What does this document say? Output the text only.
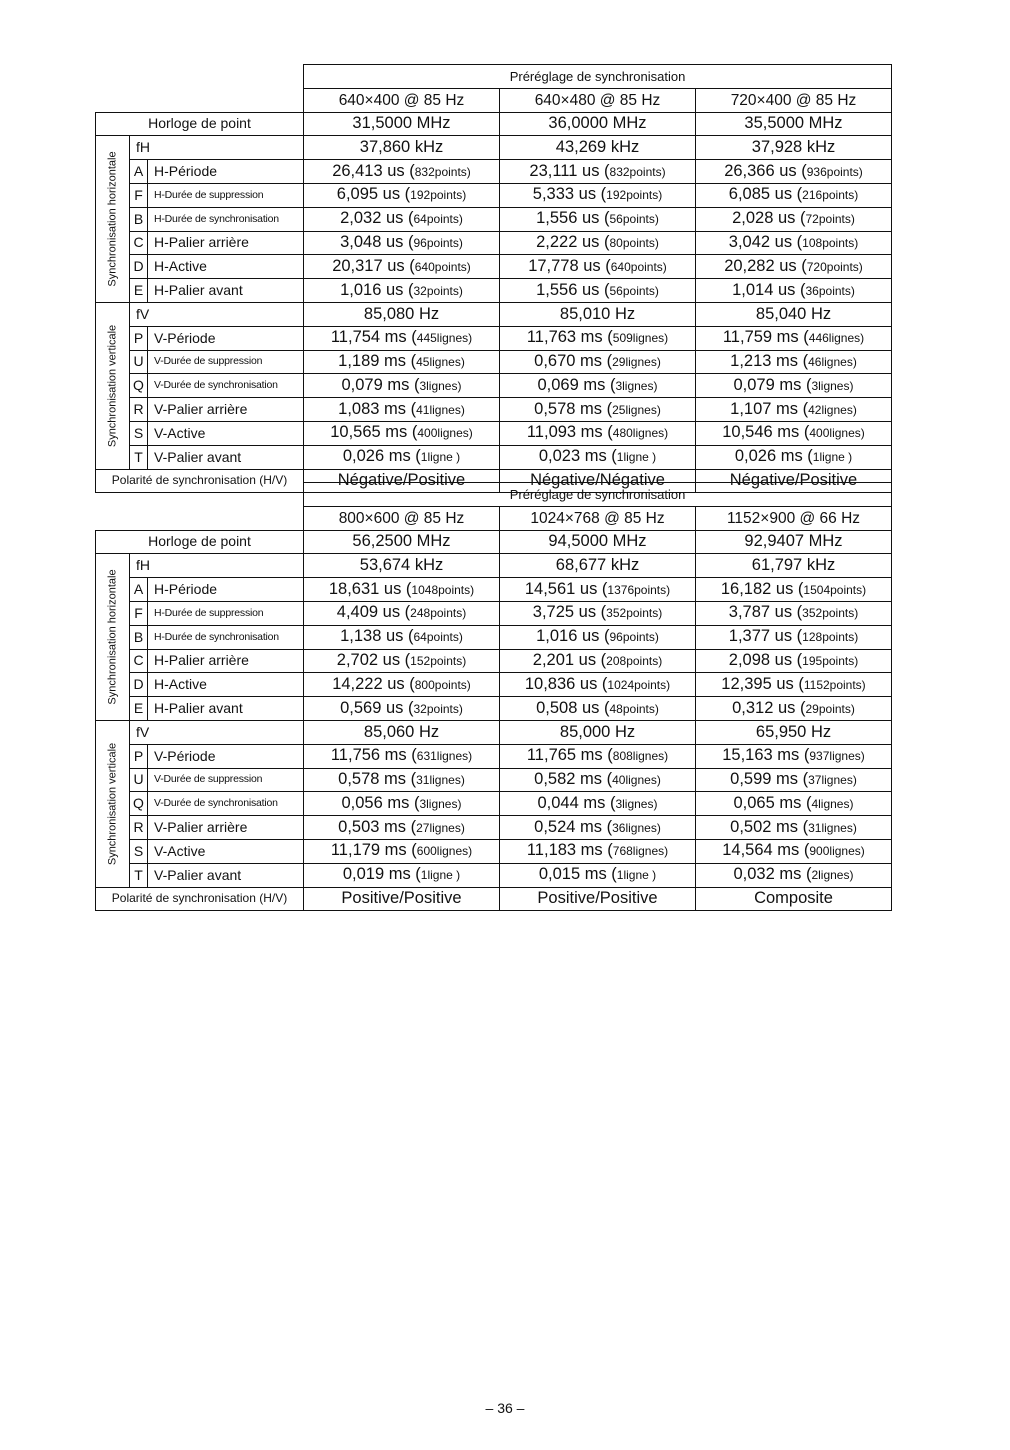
			Préréglage de synchronisation		
			640×400 @ 85 Hz	640×480 @ 85 Hz	720×400 @ 85 Hz
Horloge de point			31,5000 MHz	36,0000 MHz	35,5000 MHz

Synchronisation horizontale	fH		37,860 kHz	43,269 kHz	37,928 kHz
	A	H-Période	26,413 us (832points)	23,111 us (832points)	26,366 us (936points)
	F	H-Durée de suppression	6,095 us (192points)	5,333 us (192points)	6,085 us (216points)
	B	H-Durée de synchronisation	2,032 us (64points)	1,556 us (56points)	2,028 us (72points)
	C	H-Palier arrière	3,048 us (96points)	2,222 us (80points)	3,042 us (108points)
	D	H-Active	20,317 us (640points)	17,778 us (640points)	20,282 us (720points)
	E	H-Palier avant	1,016 us (32points)	1,556 us (56points)	1,014 us (36points)

Synchronisation verticale	fV		85,080 Hz	85,010 Hz	85,040 Hz
	P	V-Période	11,754 ms (445lignes)	11,763 ms (509lignes)	11,759 ms (446lignes)
	U	V-Durée de suppression	1,189 ms (45lignes)	0,670 ms (29lignes)	1,213 ms (46lignes)
	Q	V-Durée de synchronisation	0,079 ms (3lignes)	0,069 ms (3lignes)	0,079 ms (3lignes)
	R	V-Palier arrière	1,083 ms (41lignes)	0,578 ms (25lignes)	1,107 ms (42lignes)
	S	V-Active	10,565 ms (400lignes)	11,093 ms (480lignes)	10,546 ms (400lignes)
	T	V-Palier avant	0,026 ms (1ligne )	0,023 ms (1ligne )	0,026 ms (1ligne )
Polarité de synchronisation (H/V)			Négative/Positive	Négative/Négative	Négative/Positive
			Préréglage de synchronisation		
			800×600 @ 85 Hz	1024×768 @ 85 Hz	1152×900 @ 66 Hz
Horloge de point			56,2500 MHz	94,5000 MHz	92,9407 MHz

Synchronisation horizontale	fH		53,674 kHz	68,677 kHz	61,797 kHz
	A	H-Période	18,631 us (1048points)	14,561 us (1376points)	16,182 us (1504points)
	F	H-Durée de suppression	4,409 us (248points)	3,725 us (352points)	3,787 us (352points)
	B	H-Durée de synchronisation	1,138 us (64points)	1,016 us (96points)	1,377 us (128points)
	C	H-Palier arrière	2,702 us (152points)	2,201 us (208points)	2,098 us (195points)
	D	H-Active	14,222 us (800points)	10,836 us (1024points)	12,395 us (1152points)
	E	H-Palier avant	0,569 us (32points)	0,508 us (48points)	0,312 us (29points)

Synchronisation verticale	fV		85,060 Hz	85,000 Hz	65,950 Hz
	P	V-Période	11,756 ms (631lignes)	11,765 ms (808lignes)	15,163 ms (937lignes)
	U	V-Durée de suppression	0,578 ms (31lignes)	0,582 ms (40lignes)	0,599 ms (37lignes)
	Q	V-Durée de synchronisation	0,056 ms (3lignes)	0,044 ms (3lignes)	0,065 ms (4lignes)
	R	V-Palier arrière	0,503 ms (27lignes)	0,524 ms (36lignes)	0,502 ms (31lignes)
	S	V-Active	11,179 ms (600lignes)	11,183 ms (768lignes)	14,564 ms (900lignes)
	T	V-Palier avant	0,019 ms (1ligne )	0,015 ms (1ligne )	0,032 ms (2lignes)
Polarité de synchronisation (H/V)			Positive/Positive	Positive/Positive	Composite
– 36 –
